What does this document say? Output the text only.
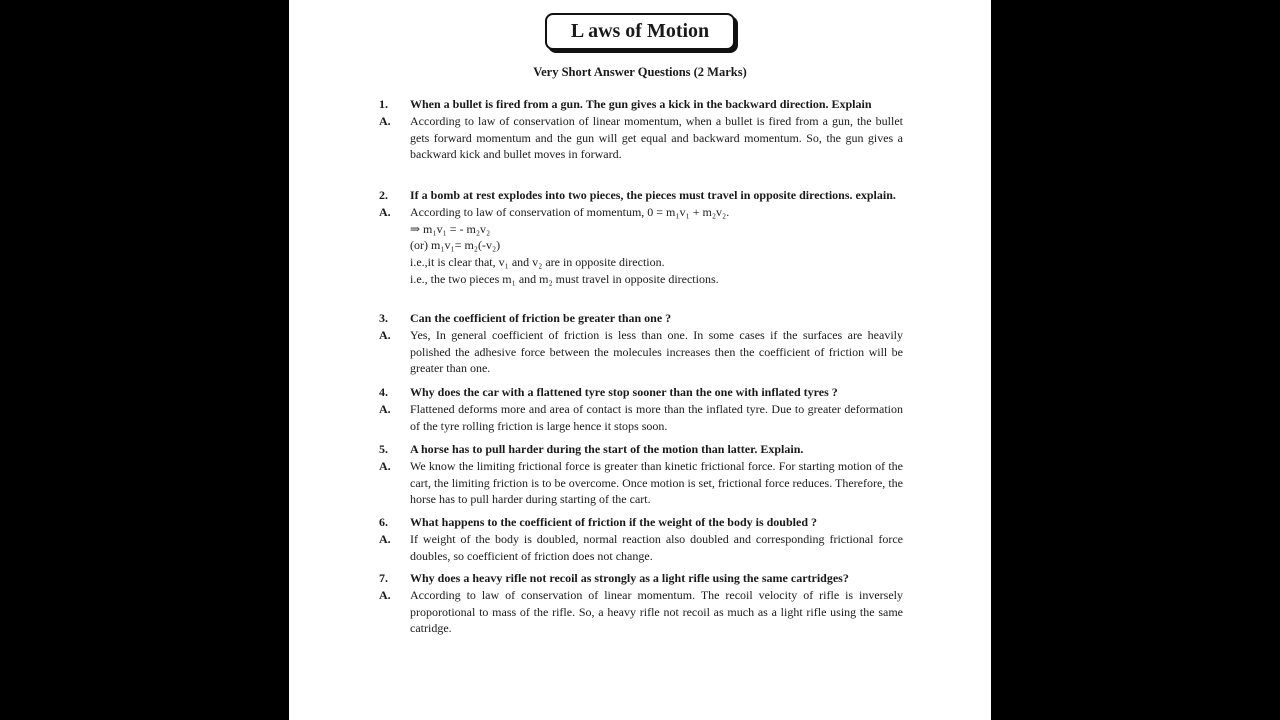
L aws of Motion
Very Short Answer Questions (2 Marks)
1.	When a bullet is fired from a gun. The gun gives a kick in the backward direction. Explain
A.	According to law of conservation of linear momentum, when a bullet is fired from a gun, the bullet gets forward momentum and the gun will get equal and backward momentum. So, the gun gives a backward kick and bullet moves in forward.
2.	If a bomb at rest explodes into two pieces, the pieces must travel in opposite directions. explain.
A.	According to law of conservation of momentum, 0 = m₁v₁ + m₂v₂.
⇒ m₁v₁ = - m₂v₂
(or) m₁v₁= m₂(-v₂)
i.e.,it is clear that, v₁ and v₂ are in opposite direction.
i.e., the two pieces m₁ and m₂ must travel in opposite directions.
3.	Can the coefficient of friction be greater than one ?
A.	Yes, In general coefficient of friction is less than one. In some cases if the surfaces are heavily polished the adhesive force between the molecules increases then the coefficient of friction will be greater than one.
4.	Why does the car with a flattened tyre stop sooner than the one with inflated tyres ?
A.	Flattened deforms more and area of contact is more than the inflated tyre. Due to greater deformation of the tyre rolling friction is large hence it stops soon.
5.	A horse has to pull harder during the start of the motion than latter. Explain.
A.	We know the limiting frictional force is greater than kinetic frictional force. For starting motion of the cart, the limiting friction is to be overcome. Once motion is set, frictional force reduces. Therefore, the horse has to pull harder during starting of the cart.
6.	What happens to the coefficient of friction if the weight of the body is doubled ?
A.	If weight of the body is doubled, normal reaction also doubled and corresponding frictional force doubles, so coefficient of friction does not change.
7.	Why does a heavy rifle not recoil as strongly as a light rifle using the same cartridges?
A.	According to law of conservation of linear momentum. The recoil velocity of rifle is inversely proporotional to mass of the rifle. So, a heavy rifle not recoil as much as a light rifle using the same catridge.
